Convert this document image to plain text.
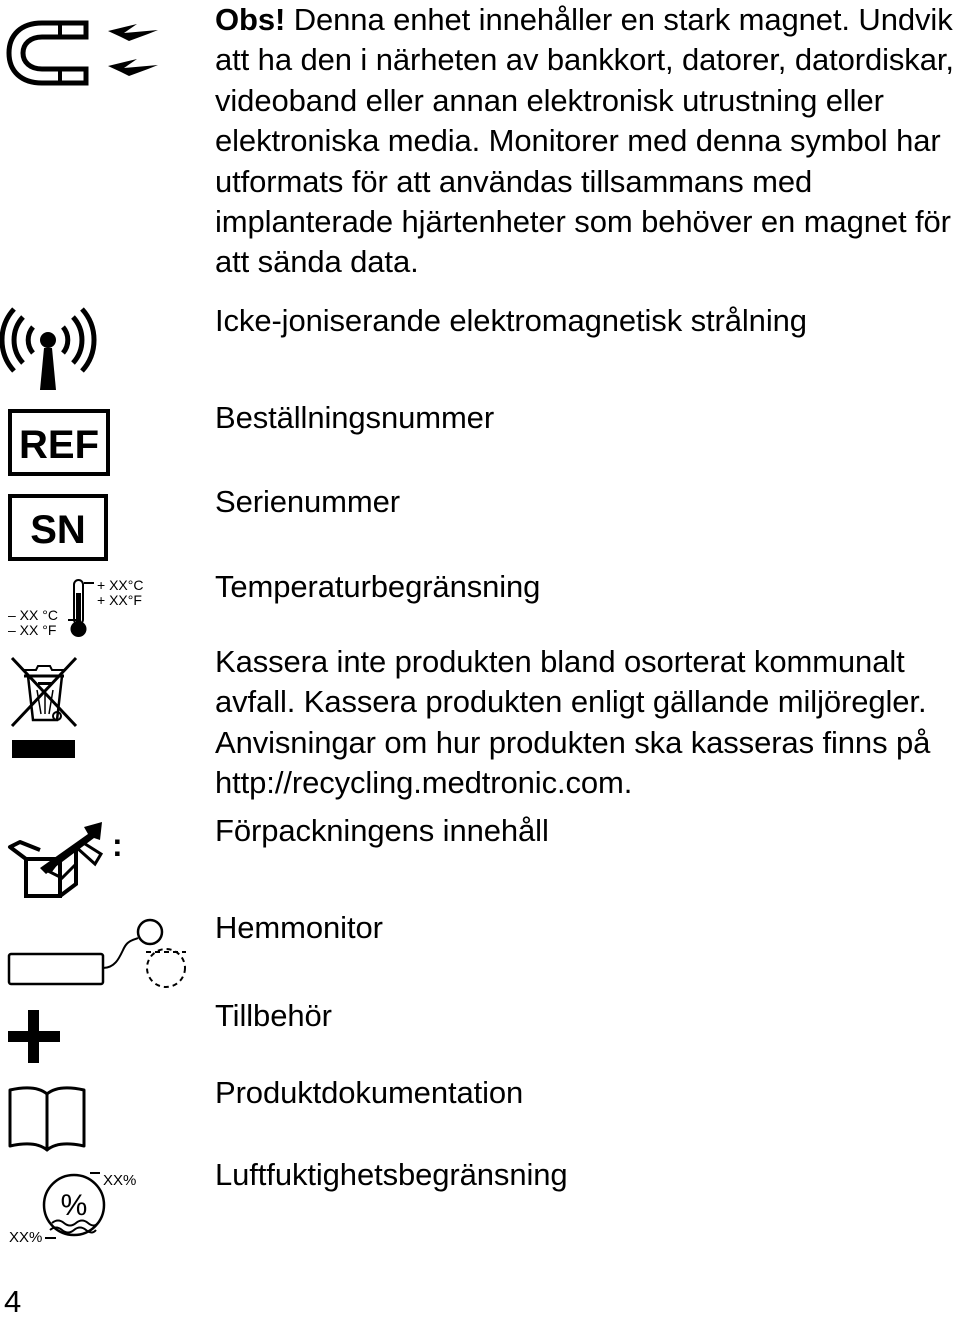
Obs! Denna enhet innehåller en stark magnet. Undvik att ha den i närheten av bankkort, datorer, datordiskar, videoband eller annan elektronisk utrustning eller elektroniska media. Monitorer med denna symbol har utformats för att användas tillsammans med implanterade hjärtenheter som behöver en magnet för att sända data.
Icke-joniserande elektromagnetisk strålning
REF
Beställningsnummer
SN
Serienummer
+ XX°C
+ XX°F
– XX °C
– XX °F
Temperaturbegränsning
Kassera inte produkten bland osorterat kommunalt avfall. Kassera produkten enligt gällande miljöregler. Anvisningar om hur produkten ska kasseras finns på http://recycling.medtronic.com.
:	Förpackningens innehåll
Hemmonitor
Tillbehör
Produktdokumentation
XX%
XX%
%
Luftfuktighetsbegränsning
4
